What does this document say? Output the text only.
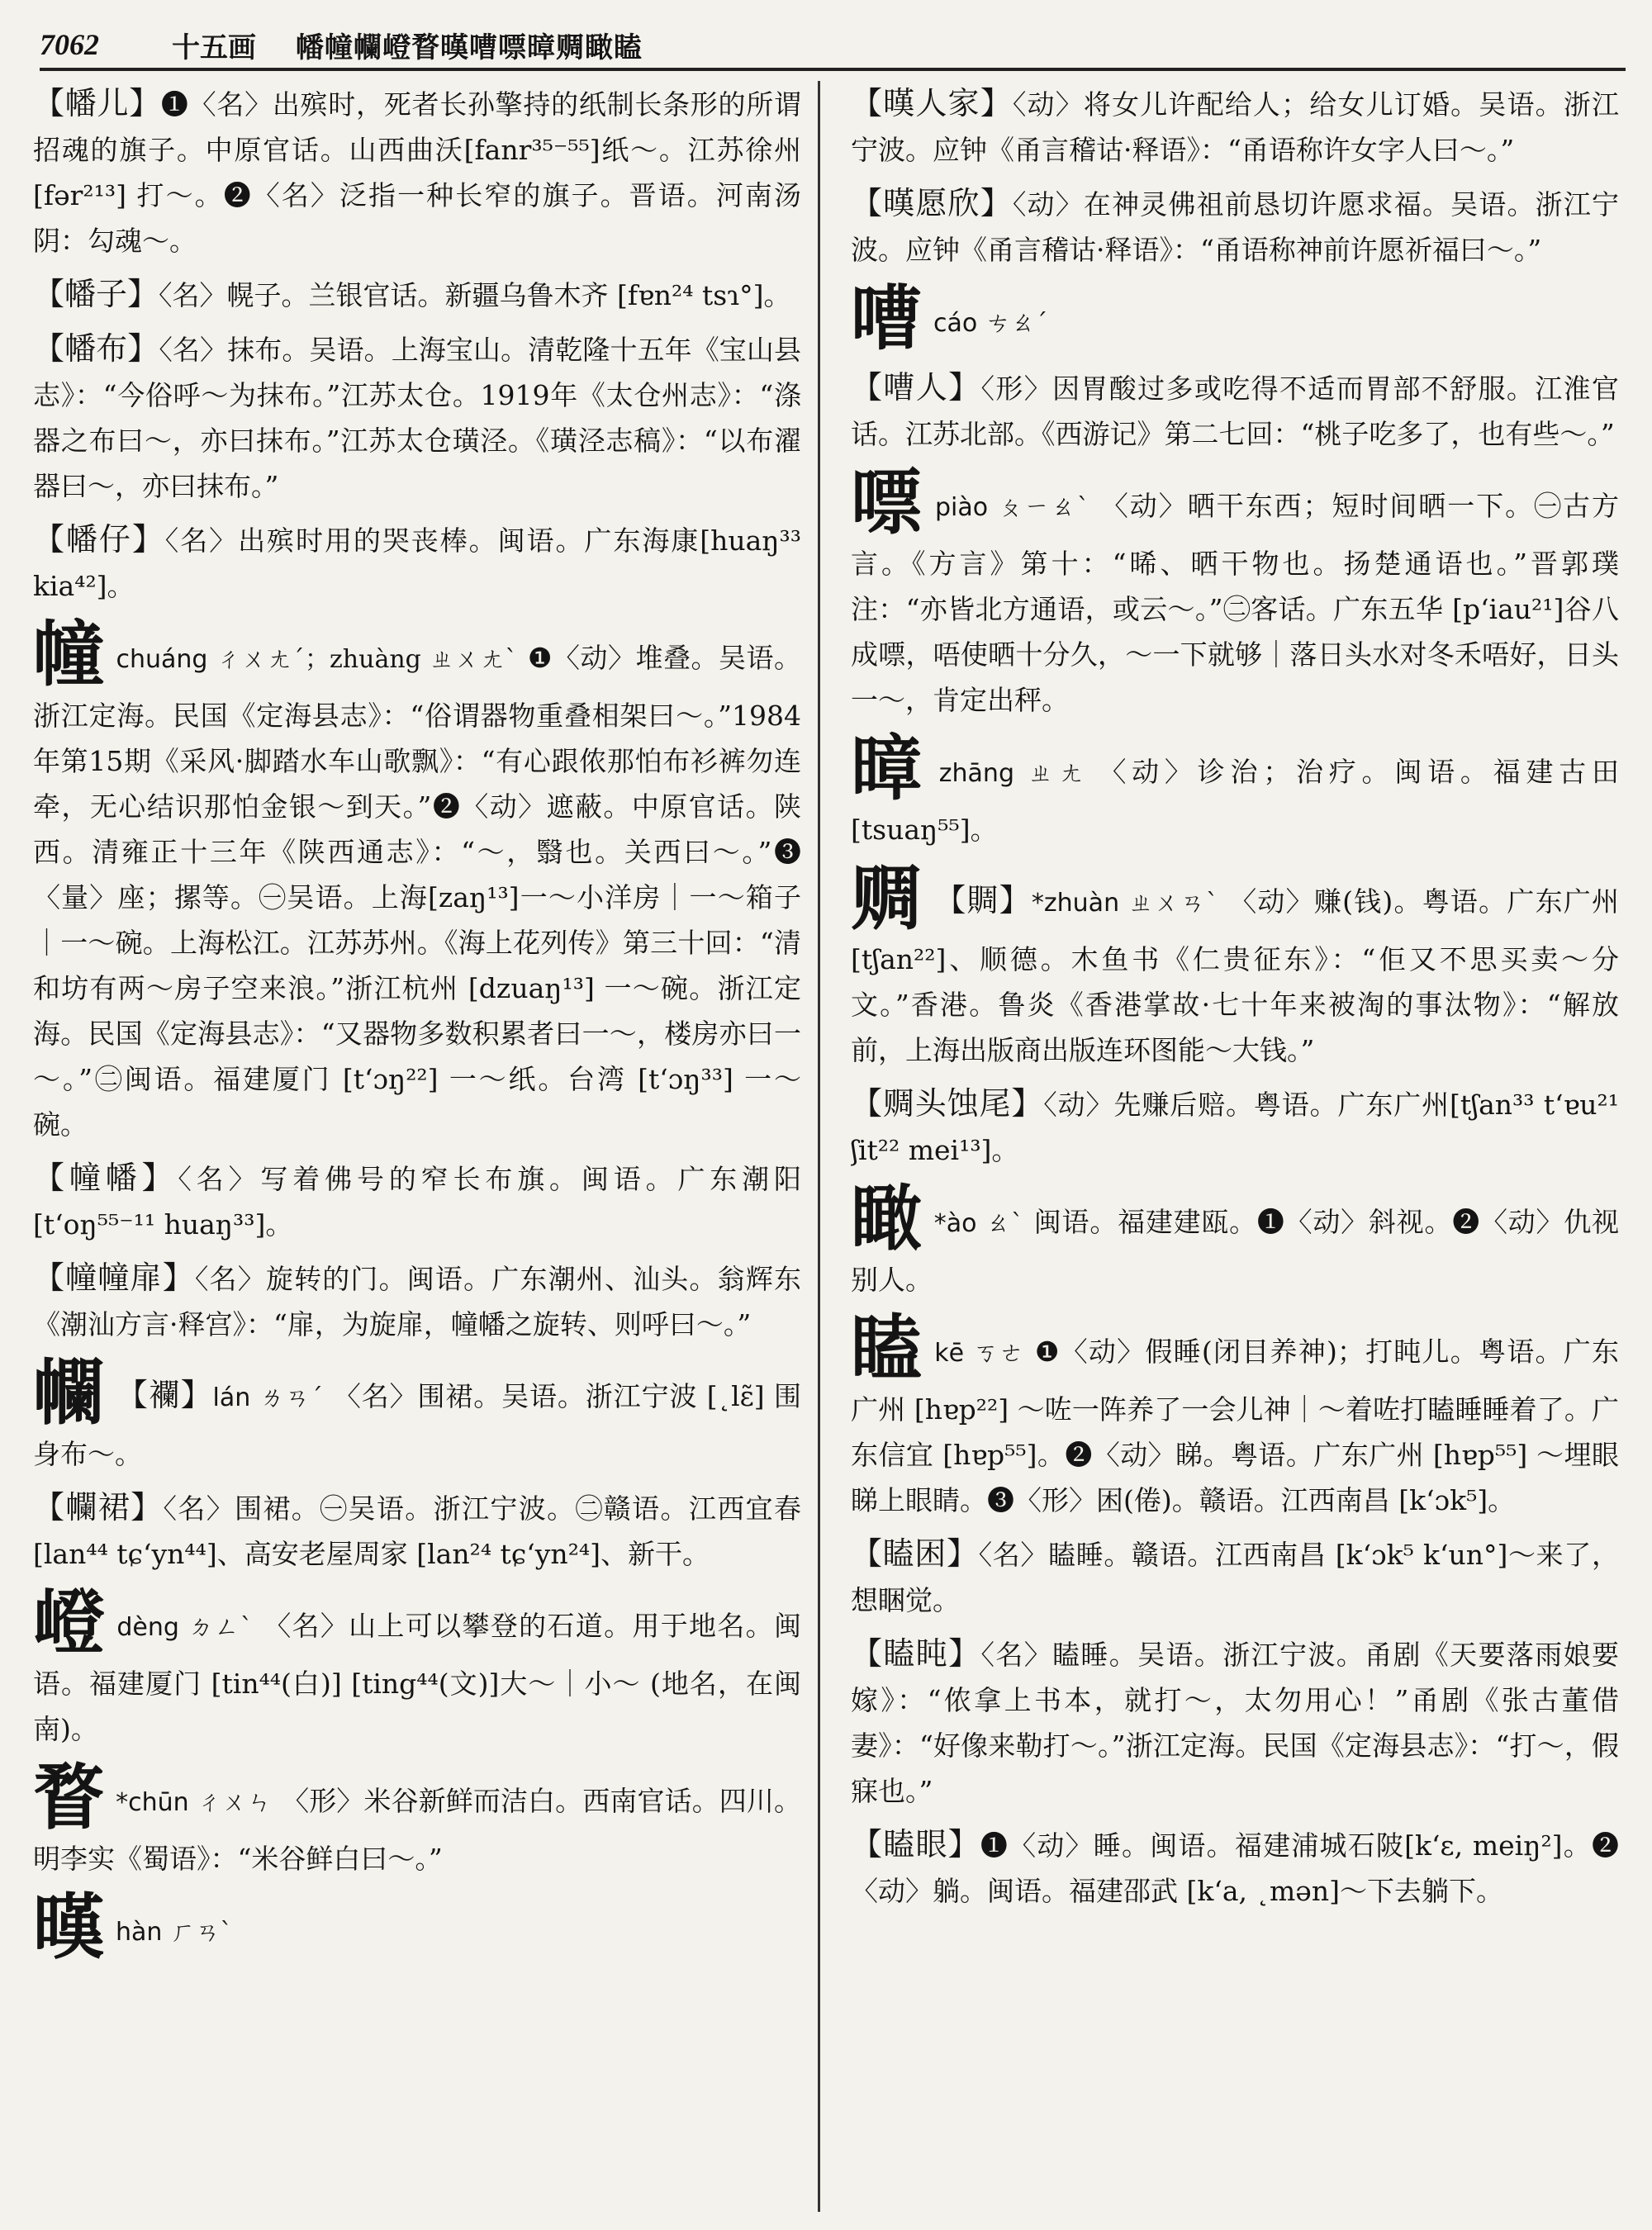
7062	十五画	幡幢幱嶝瞀暵嘈嘌暲赒瞰瞌
【幡儿】❶〈名〉出殡时，死者长孙擎持的纸制长条形的所谓招魂的旗子。中原官话。山西曲沃[fanr³⁵⁻⁵⁵]纸～。江苏徐州 [fər²¹³] 打～。❷〈名〉泛指一种长窄的旗子。晋语。河南汤阴：勾魂～。
【幡子】〈名〉幌子。兰银官话。新疆乌鲁木齐 [fɐn²⁴ tsɿ°]。
【幡布】〈名〉抹布。吴语。上海宝山。清乾隆十五年《宝山县志》：“今俗呼～为抹布。”江苏太仓。1919年《太仓州志》：“涤器之布曰～，亦曰抹布。”江苏太仓璜泾。《璜泾志稿》：“以布濯器曰～，亦曰抹布。”
【幡仔】〈名〉出殡时用的哭丧棒。闽语。广东海康[huaŋ³³ kia⁴²]。
幢chuáng ㄔㄨㄤˊ；zhuàng ㄓㄨㄤˋ ❶〈动〉堆叠。吴语。浙江定海。民国《定海县志》：“俗谓器物重叠相架曰～。”1984年第15期《采风·脚踏水车山歌飘》：“有心跟侬那怕布衫裤勿连牵，无心结识那怕金银～到天。”❷〈动〉遮蔽。中原官话。陕西。清雍正十三年《陕西通志》：“～，翳也。关西曰～。”❸〈量〉座；摞等。㊀吴语。上海[zaŋ¹³]一～小洋房｜一～箱子｜一～碗。上海松江。江苏苏州。《海上花列传》第三十回：“清和坊有两～房子空来浪。”浙江杭州 [dzuaŋ¹³] 一～碗。浙江定海。民国《定海县志》：“又器物多数积累者曰一～，楼房亦曰一～。”㊁闽语。福建厦门 [t‘ɔŋ²²] 一～纸。台湾 [t‘ɔŋ³³] 一～碗。
【幢幡】〈名〉写着佛号的窄长布旗。闽语。广东潮阳 [t‘oŋ⁵⁵⁻¹¹ huaŋ³³]。
【幢幢扉】〈名〉旋转的门。闽语。广东潮州、汕头。翁辉东《潮汕方言·释宫》：“扉，为旋扉，幢幡之旋转、则呼曰～。”
幱 【襴】lán ㄌㄢˊ 〈名〉围裙。吴语。浙江宁波 [˛lɛ̃] 围身布～。
【幱裙】〈名〉围裙。㊀吴语。浙江宁波。㊁赣语。江西宜春[lan⁴⁴ tɕ‘yn⁴⁴]、高安老屋周家 [lan²⁴ tɕ‘yn²⁴]、新干。
嶝dèng ㄉㄥˋ 〈名〉山上可以攀登的石道。用于地名。闽语。福建厦门 [tin⁴⁴(白)] [ting⁴⁴(文)]大～｜小～ (地名，在闽南)。
瞀 *chūn ㄔㄨㄣ 〈形〉米谷新鲜而洁白。西南官话。四川。明李实《蜀语》：“米谷鲜白曰～。”
暵hàn ㄏㄢˋ
【暵人家】〈动〉将女儿许配给人；给女儿订婚。吴语。浙江宁波。应钟《甬言稽诂·释语》：“甬语称许女字人曰～。”
【暵愿欣】〈动〉在神灵佛祖前恳切许愿求福。吴语。浙江宁波。应钟《甬言稽诂·释语》：“甬语称神前许愿祈福曰～。”
嘈cáo ㄘㄠˊ
【嘈人】〈形〉因胃酸过多或吃得不适而胃部不舒服。江淮官话。江苏北部。《西游记》第二七回：“桃子吃多了，也有些～。”
嘌piào ㄆㄧㄠˋ 〈动〉晒干东西；短时间晒一下。㊀古方言。《方言》第十：“晞、晒干物也。扬楚通语也。”晋郭璞注：“亦皆北方通语，或云～。”㊁客话。广东五华 [p‘iau²¹]谷八成嘌，唔使晒十分久，～一下就够｜落日头水对冬禾唔好，日头一～，肯定出秤。
暲zhāng ㄓㄤ 〈动〉诊治；治疗。闽语。福建古田 [tsuaŋ⁵⁵]。
赒 【賙】*zhuàn ㄓㄨㄢˋ 〈动〉赚(钱)。粤语。广东广州[tʃan²²]、顺德。木鱼书《仁贵征东》：“佢又不思买卖～分文。”香港。鲁炎《香港掌故·七十年来被淘的事汰物》：“解放前，上海出版商出版连环图能～大钱。”
【赒头蚀尾】〈动〉先赚后赔。粤语。广东广州[tʃan³³ t‘ɐu²¹ ʃit²² mei¹³]。
瞰 *ào ㄠˋ 闽语。福建建瓯。❶〈动〉斜视。❷〈动〉仇视别人。
瞌kē ㄎㄜ ❶〈动〉假睡(闭目养神)；打盹儿。粤语。广东广州 [hɐp²²] ～咗一阵养了一会儿神｜～着咗打瞌睡睡着了。广东信宜 [hɐp⁵⁵]。❷〈动〉睇。粤语。广东广州 [hɐp⁵⁵] ～埋眼睇上眼睛。❸〈形〉困(倦)。赣语。江西南昌 [k‘ɔk⁵]。
【瞌困】〈名〉瞌睡。赣语。江西南昌 [k‘ɔk⁵ k‘un°]～来了，想睏觉。
【瞌盹】〈名〉瞌睡。吴语。浙江宁波。甬剧《天要落雨娘要嫁》：“侬拿上书本，就打～，太勿用心！”甬剧《张古董借妻》：“好像来勒打～。”浙江定海。民国《定海县志》：“打～，假寐也。”
【瞌眼】❶〈动〉睡。闽语。福建浦城石陂[k‘ɛ, meiŋ²]。❷〈动〉躺。闽语。福建邵武 [k‘a, ˛mən]～下去躺下。
